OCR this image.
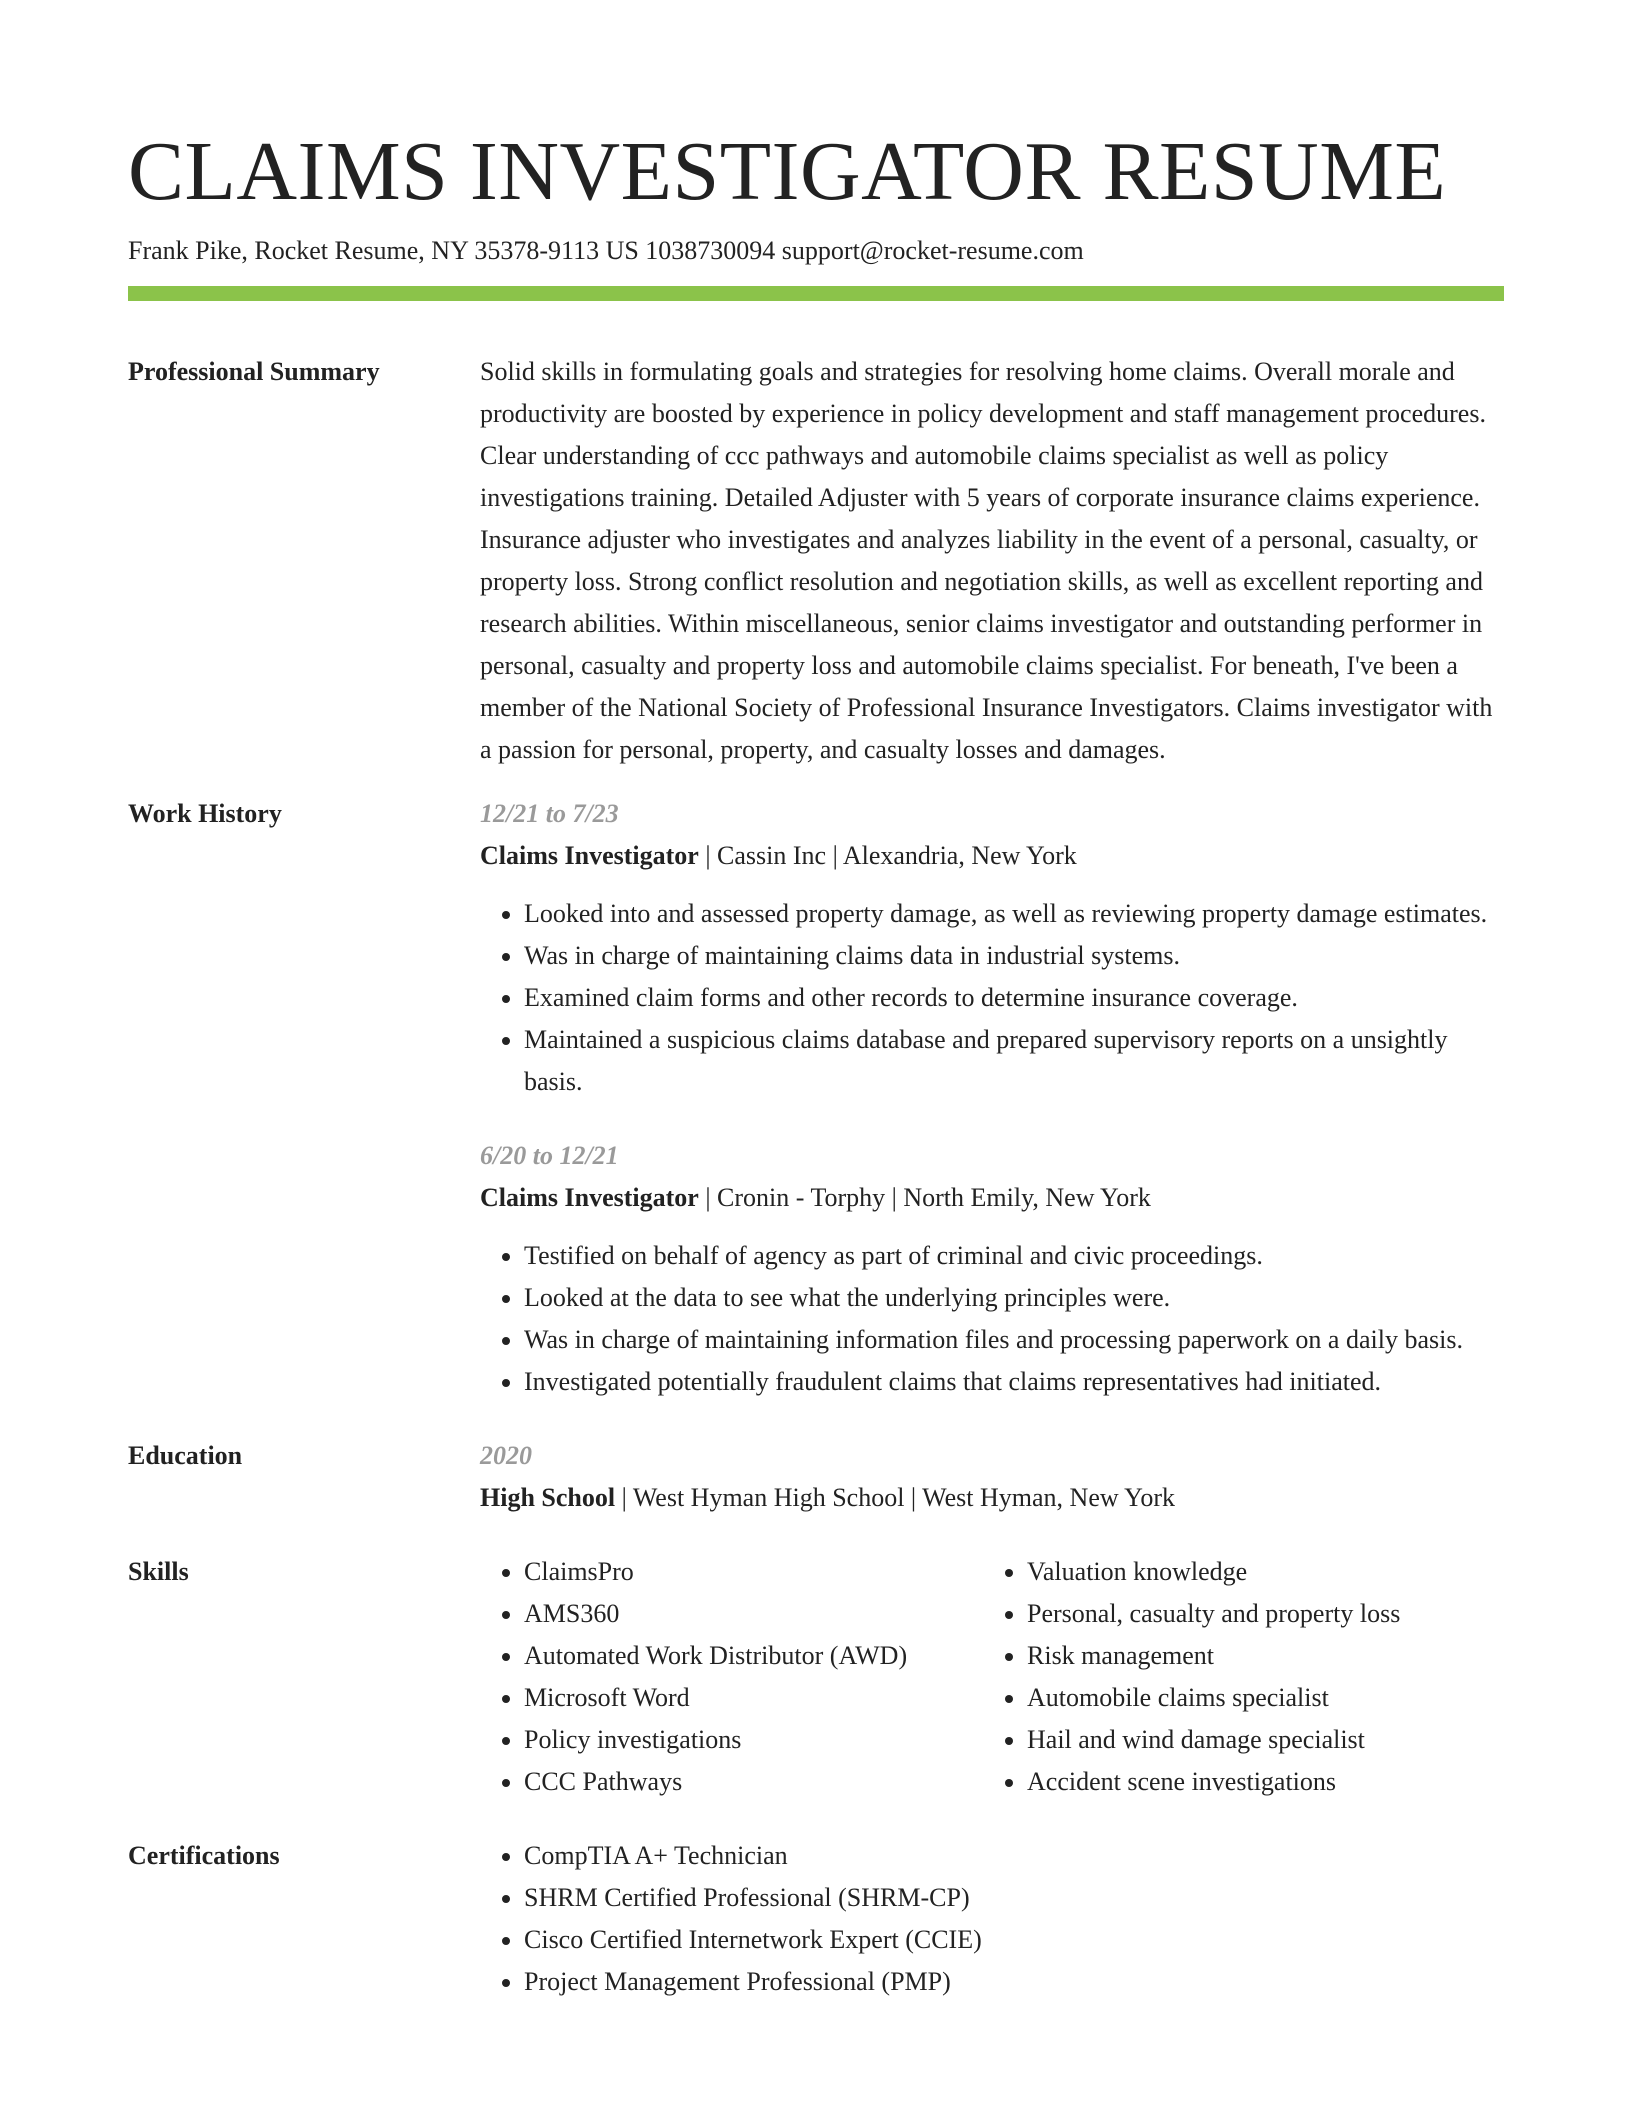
CLAIMS INVESTIGATOR RESUME
Frank Pike, Rocket Resume, NY 35378-9113 US 1038730094 support@rocket-resume.com
Professional Summary	Solid skills in formulating goals and strategies for resolving home claims. Overall morale and productivity are boosted by experience in policy development and staff management procedures. Clear understanding of ccc pathways and automobile claims specialist as well as policy investigations training. Detailed Adjuster with 5 years of corporate insurance claims experience. Insurance adjuster who investigates and analyzes liability in the event of a personal, casualty, or property loss. Strong conflict resolution and negotiation skills, as well as excellent reporting and research abilities. Within miscellaneous, senior claims investigator and outstanding performer in personal, casualty and property loss and automobile claims specialist. For beneath, I've been a member of the National Society of Professional Insurance Investigators. Claims investigator with a passion for personal, property, and casualty losses and damages.

Work History	12/21 to 7/23
Claims Investigator | Cassin Inc | Alexandria, New York
• Looked into and assessed property damage, as well as reviewing property damage estimates.
• Was in charge of maintaining claims data in industrial systems.
• Examined claim forms and other records to determine insurance coverage.
• Maintained a suspicious claims database and prepared supervisory reports on a unsightly basis.
6/20 to 12/21
Claims Investigator | Cronin - Torphy | North Emily, New York
• Testified on behalf of agency as part of criminal and civic proceedings.
• Looked at the data to see what the underlying principles were.
• Was in charge of maintaining information files and processing paperwork on a daily basis.
• Investigated potentially fraudulent claims that claims representatives had initiated.
Education	2020
High School | West Hyman High School | West Hyman, New York
Skills	• ClaimsPro
• AMS360
• Automated Work Distributor (AWD)
• Microsoft Word
• Policy investigations
• CCC Pathways
• Valuation knowledge
• Personal, casualty and property loss
• Risk management
• Automobile claims specialist
• Hail and wind damage specialist
• Accident scene investigations
Certifications	• CompTIA A+ Technician
• SHRM Certified Professional (SHRM-CP)
• Cisco Certified Internetwork Expert (CCIE)
• Project Management Professional (PMP)
